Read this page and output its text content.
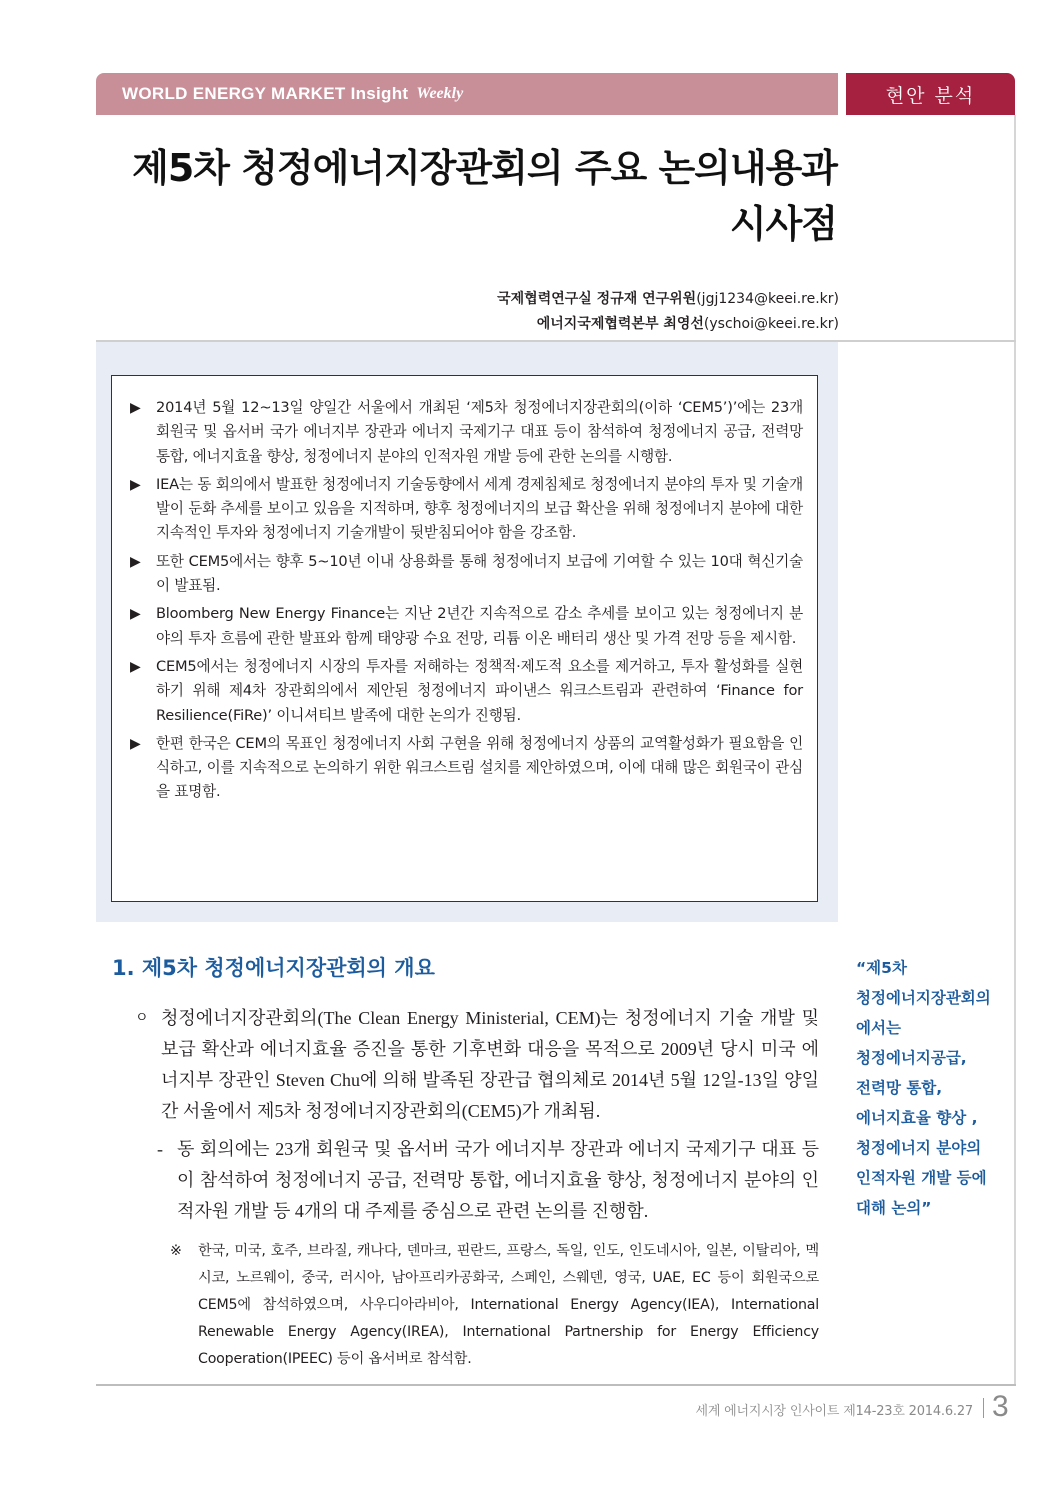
WORLD ENERGY MARKET Insight Weekly	현안 분석
제5차 청정에너지장관회의 주요 논의내용과
시사점
국제협력연구실 정규재 연구위원(jgj1234@keei.re.kr)
에너지국제협력본부 최영선(yschoi@keei.re.kr)
▶ 2014년 5월 12~13일 양일간 서울에서 개최된 ‘제5차 청정에너지장관회의(이하 ‘CEM5’)’에는 23개 회원국 및 옵서버 국가 에너지부 장관과 에너지 국제기구 대표 등이 참석하여 청정에너지 공급, 전력망 통합, 에너지효율 향상, 청정에너지 분야의 인적자원 개발 등에 관한 논의를 시행함.
▶ IEA는 동 회의에서 발표한 청정에너지 기술동향에서 세계 경제침체로 청정에너지 분야의 투자 및 기술개발이 둔화 추세를 보이고 있음을 지적하며, 향후 청정에너지의 보급 확산을 위해 청정에너지 분야에 대한 지속적인 투자와 청정에너지 기술개발이 뒷받침되어야 함을 강조함.
▶ 또한 CEM5에서는 향후 5~10년 이내 상용화를 통해 청정에너지 보급에 기여할 수 있는 10대 혁신기술이 발표됨.
▶ Bloomberg New Energy Finance는 지난 2년간 지속적으로 감소 추세를 보이고 있는 청정에너지 분야의 투자 흐름에 관한 발표와 함께 태양광 수요 전망, 리튬 이온 배터리 생산 및 가격 전망 등을 제시함.
▶ CEM5에서는 청정에너지 시장의 투자를 저해하는 정책적·제도적 요소를 제거하고, 투자 활성화를 실현하기 위해 제4차 장관회의에서 제안된 청정에너지 파이낸스 워크스트림과 관련하여 ‘Finance for Resilience(FiRe)’ 이니셔티브 발족에 대한 논의가 진행됨.
▶ 한편 한국은 CEM의 목표인 청정에너지 사회 구현을 위해 청정에너지 상품의 교역활성화가 필요함을 인식하고, 이를 지속적으로 논의하기 위한 워크스트림 설치를 제안하였으며, 이에 대해 많은 회원국이 관심을 표명함.
1. 제5차 청정에너지장관회의 개요
ㅇ 청정에너지장관회의(The Clean Energy Ministerial, CEM)는 청정에너지 기술 개발 및 보급 확산과 에너지효율 증진을 통한 기후변화 대응을 목적으로 2009년 당시 미국 에너지부 장관인 Steven Chu에 의해 발족된 장관급 협의체로 2014년 5월 12일-13일 양일간 서울에서 제5차 청정에너지장관회의(CEM5)가 개최됨.
- 동 회의에는 23개 회원국 및 옵서버 국가 에너지부 장관과 에너지 국제기구 대표 등이 참석하여 청정에너지 공급, 전력망 통합, 에너지효율 향상, 청정에너지 분야의 인적자원 개발 등 4개의 대 주제를 중심으로 관련 논의를 진행함.
※ 한국, 미국, 호주, 브라질, 캐나다, 덴마크, 핀란드, 프랑스, 독일, 인도, 인도네시아, 일본, 이탈리아, 멕시코, 노르웨이, 중국, 러시아, 남아프리카공화국, 스페인, 스웨덴, 영국, UAE, EC 등이 회원국으로 CEM5에 참석하였으며, 사우디아라비아, International Energy Agency(IEA), International Renewable Energy Agency(IREA), International Partnership for Energy Efficiency Cooperation(IPEEC) 등이 옵서버로 참석함.
“제5차
청정에너지장관회의
에서는
청정에너지공급,
전력망 통합,
에너지효율 향상 ,
청정에너지 분야의
인적자원 개발 등에
대해 논의”
세계 에너지시장 인사이트 제14-23호 2014.6.27 3
